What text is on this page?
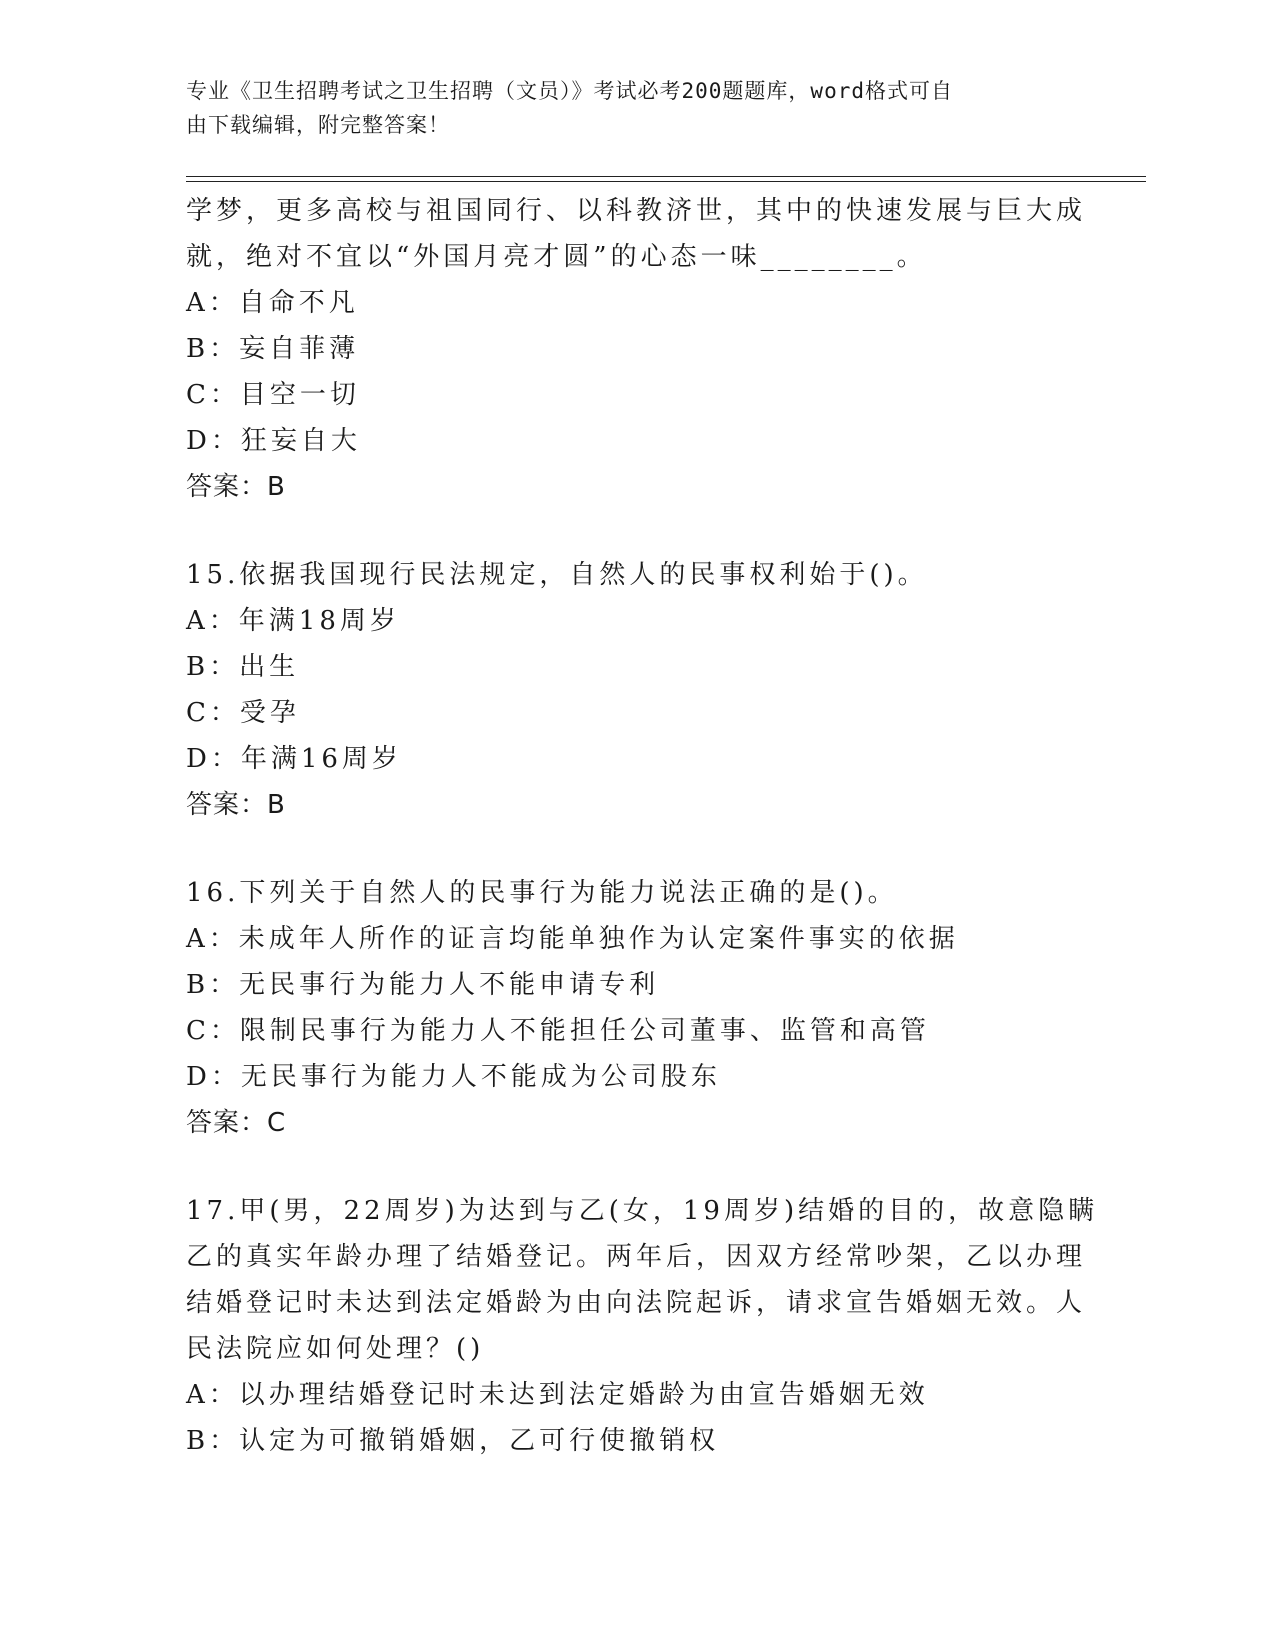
专业《卫生招聘考试之卫生招聘（文员）》考试必考200题题库，word格式可自
由下载编辑，附完整答案！
学梦，更多高校与祖国同行、以科教济世，其中的快速发展与巨大成
就，绝对不宜以“外国月亮才圆”的心态一味________。
A：自命不凡
B：妄自菲薄
C：目空一切
D：狂妄自大
答案：B
15.依据我国现行民法规定，自然人的民事权利始于()。
A：年满18周岁
B：出生
C：受孕
D：年满16周岁
答案：B
16.下列关于自然人的民事行为能力说法正确的是()。
A：未成年人所作的证言均能单独作为认定案件事实的依据
B：无民事行为能力人不能申请专利
C：限制民事行为能力人不能担任公司董事、监管和高管
D：无民事行为能力人不能成为公司股东
答案：C
17.甲(男，22周岁)为达到与乙(女，19周岁)结婚的目的，故意隐瞒
乙的真实年龄办理了结婚登记。两年后，因双方经常吵架，乙以办理
结婚登记时未达到法定婚龄为由向法院起诉，请求宣告婚姻无效。人
民法院应如何处理？()
A：以办理结婚登记时未达到法定婚龄为由宣告婚姻无效
B：认定为可撤销婚姻，乙可行使撤销权
